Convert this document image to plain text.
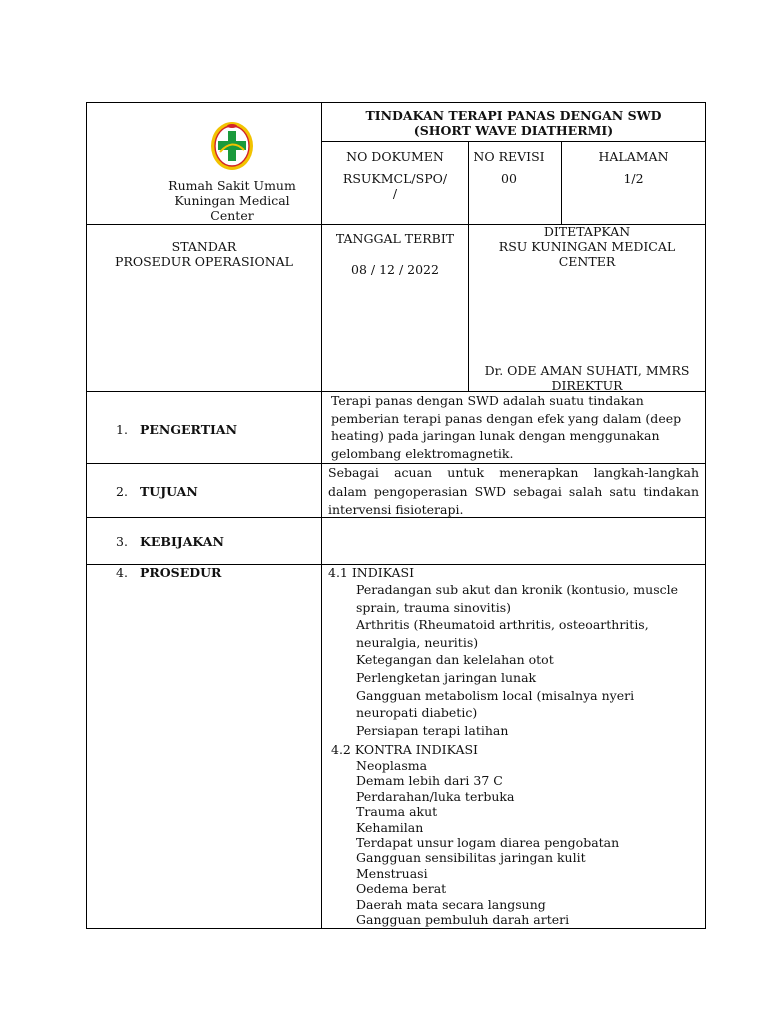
Rumah Sakit Umum
Kuningan Medical
Center
TINDAKAN TERAPI PANAS DENGAN SWD
(SHORT WAVE DIATHERMI)
NO DOKUMEN
RSUKMCL/SPO/
/
NO REVISI
00
HALAMAN
1/2
STANDAR
PROSEDUR OPERASIONAL
TANGGAL TERBIT
08 / 12 / 2022
DITETAPKAN
RSU KUNINGAN MEDICAL
CENTER
Dr. ODE AMAN SUHATI, MMRS
DIREKTUR
1. PENGERTIAN
Terapi panas dengan SWD adalah suatu tindakan
pemberian terapi panas dengan efek yang dalam (deep
heating) pada jaringan lunak dengan menggunakan
gelombang elektromagnetik.
2. TUJUAN
Sebagai acuan untuk menerapkan langkah-langkah
dalam pengoperasian SWD sebagai salah satu tindakan
intervensi fisioterapi.
3. KEBIJAKAN
4. PROSEDUR	4.1 INDIKASI
Peradangan sub akut dan kronik (kontusio, muscle
sprain, trauma sinovitis)
Arthritis (Rheumatoid arthritis, osteoarthritis,
neuralgia, neuritis)
Ketegangan dan kelelahan otot
Perlengketan jaringan lunak
Gangguan metabolism local (misalnya nyeri
neuropati diabetic)
Persiapan terapi latihan
4.2 KONTRA INDIKASI
Neoplasma
Demam lebih dari 37 C
Perdarahan/luka terbuka
Trauma akut
Kehamilan
Terdapat unsur logam diarea pengobatan
Gangguan sensibilitas jaringan kulit
Menstruasi
Oedema berat
Daerah mata secara langsung
Gangguan pembuluh darah arteri
